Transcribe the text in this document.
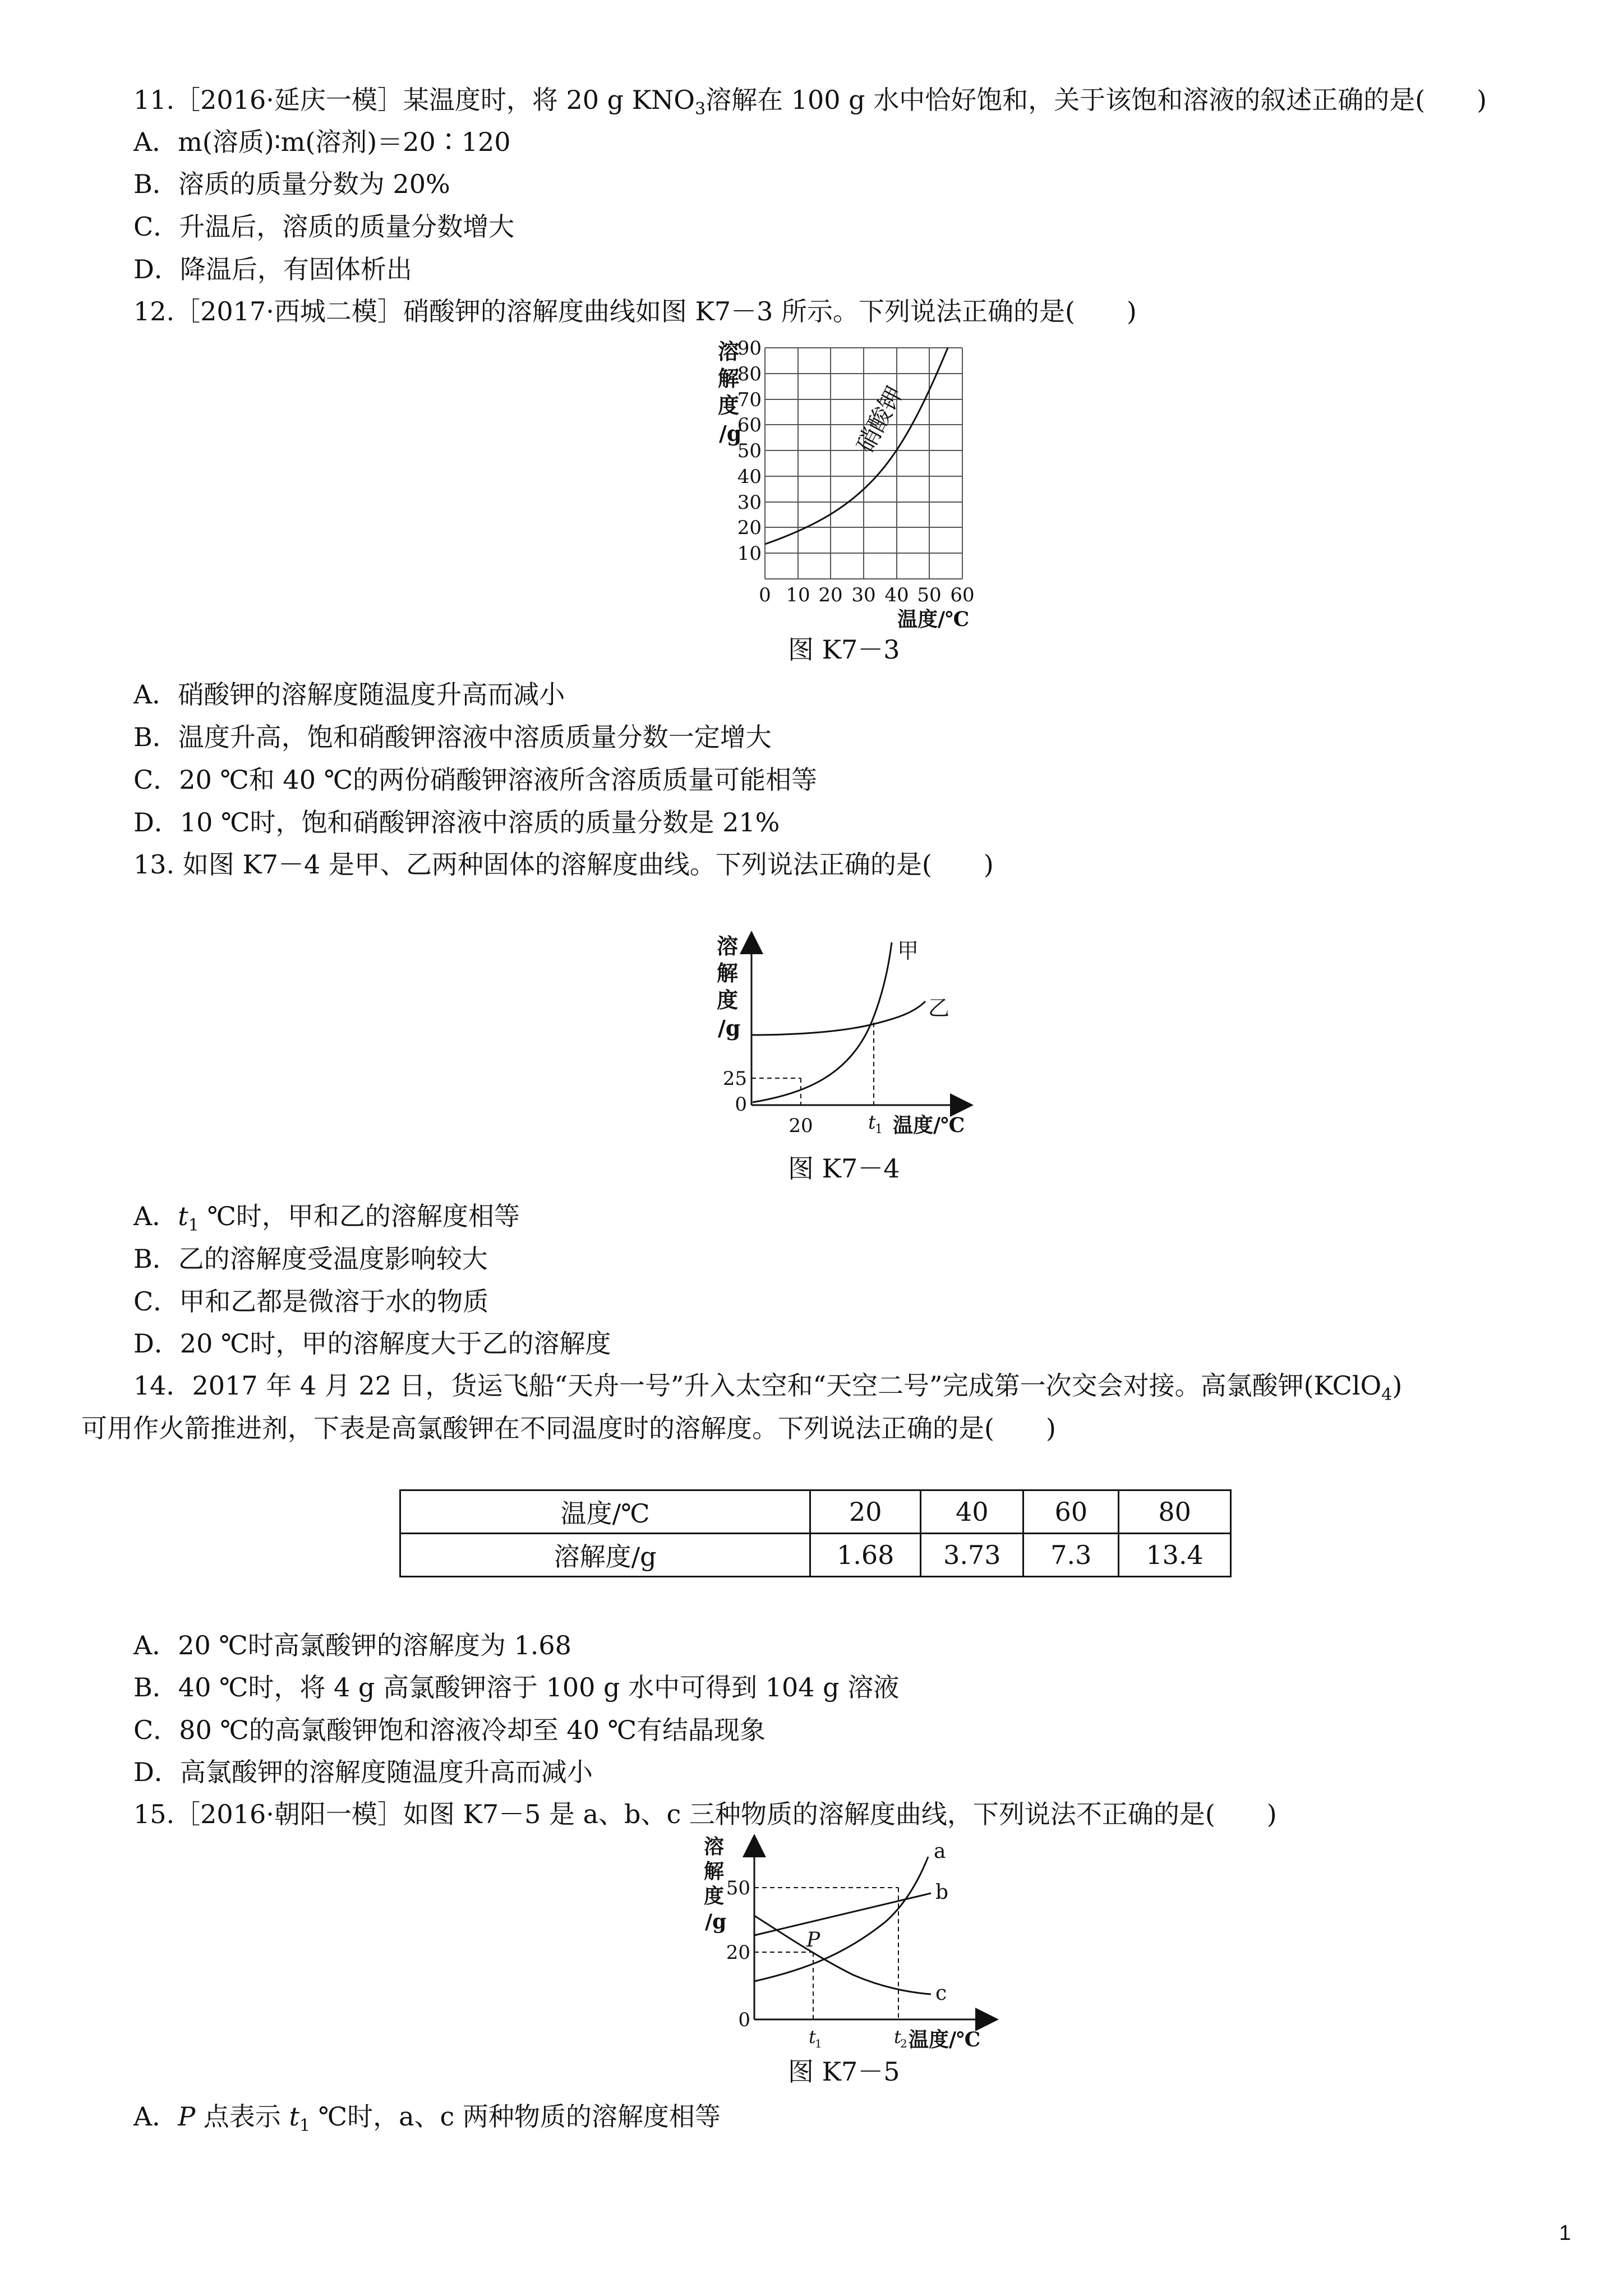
11.［2016·延庆一模］某温度时，将 20 g $KNO_3$溶解在 100 g 水中恰好饱和，关于该饱和溶液的叙述正确的是(　　)
A．m(溶质)∶m(溶剂)＝20∶120
B．溶质的质量分数为 20%
C．升温后，溶质的质量分数增大
D．降温后，有固体析出
12.［2017·西城二模］硝酸钾的溶解度曲线如图 K7－3 所示。下列说法正确的是(　　)
硝酸钾
溶
解
度
/g
90
80
70
60
50
40
30
20
10
0 10 20 30 40 50 60
温度/℃
图 K7－3
A．硝酸钾的溶解度随温度升高而减小
B．温度升高，饱和硝酸钾溶液中溶质质量分数一定增大
C．20 ℃和 40 ℃的两份硝酸钾溶液所含溶质质量可能相等
D．10 ℃时，饱和硝酸钾溶液中溶质的质量分数是 21%
13. 如图 K7－4 是甲、乙两种固体的溶解度曲线。下列说法正确的是(　　)
溶
解
度
/g
25
0
20	t
1 温度/℃
甲
乙
图 K7－4
A．$t_1$ ℃时，甲和乙的溶解度相等
B．乙的溶解度受温度影响较大
C．甲和乙都是微溶于水的物质
D．20 ℃时，甲的溶解度大于乙的溶解度
14．2017 年 4 月 22 日，货运飞船“天舟一号”升入太空和“天空二号”完成第一次交会对接。高氯酸钾(KClO$_4$)
可用作火箭推进剂，下表是高氯酸钾在不同温度时的溶解度。下列说法正确的是(　　)
温度/℃	20	40	60	80
溶解度/g	1.68	3.73	7.3	13.4
A．20 ℃时高氯酸钾的溶解度为 1.68
B．40 ℃时，将 4 g 高氯酸钾溶于 100 g 水中可得到 104 g 溶液
C．80 ℃的高氯酸钾饱和溶液冷却至 40 ℃有结晶现象
D．高氯酸钾的溶解度随温度升高而减小
15.［2016·朝阳一模］如图 K7－5 是 a、b、c 三种物质的溶解度曲线，下列说法不正确的是(　　)
溶
解
度
/g
50
20
0
t
1	t
2 温度/℃
a
b
c
P
图 K7－5
A．P 点表示 $t_1$ ℃时，a、c 两种物质的溶解度相等
1
